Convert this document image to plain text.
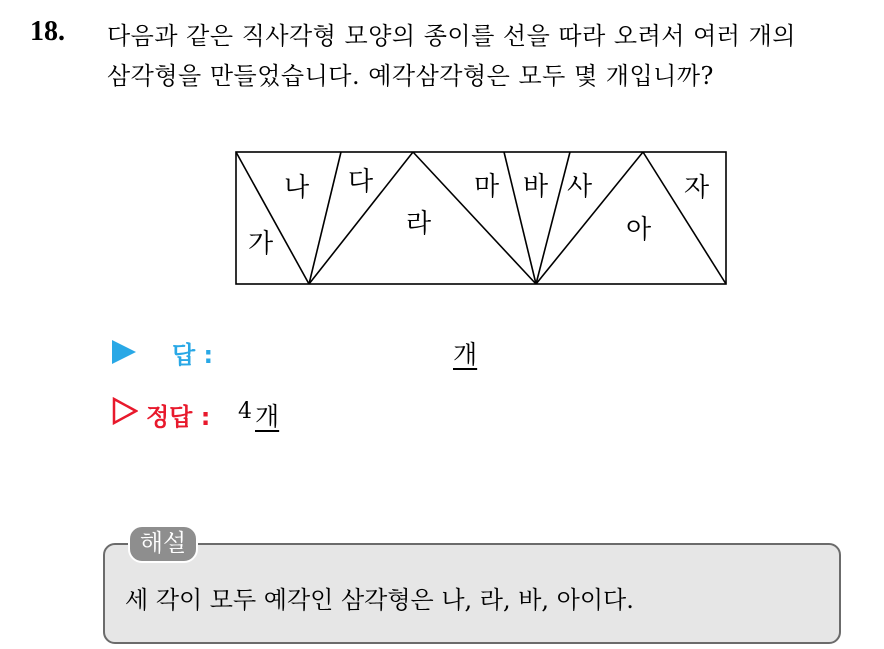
18. 다음과 같은 직사각형 모양의 종이를 선을 따라 오려서 여러 개의
삼각형을 만들었습니다. 예각삼각형은 모두 몇 개입니까?
가
나 다
라
마 바 사
아
자
답 :	개
정답 : 4 개
해설
세 각이 모두 예각인 삼각형은 나, 라, 바, 아이다.
